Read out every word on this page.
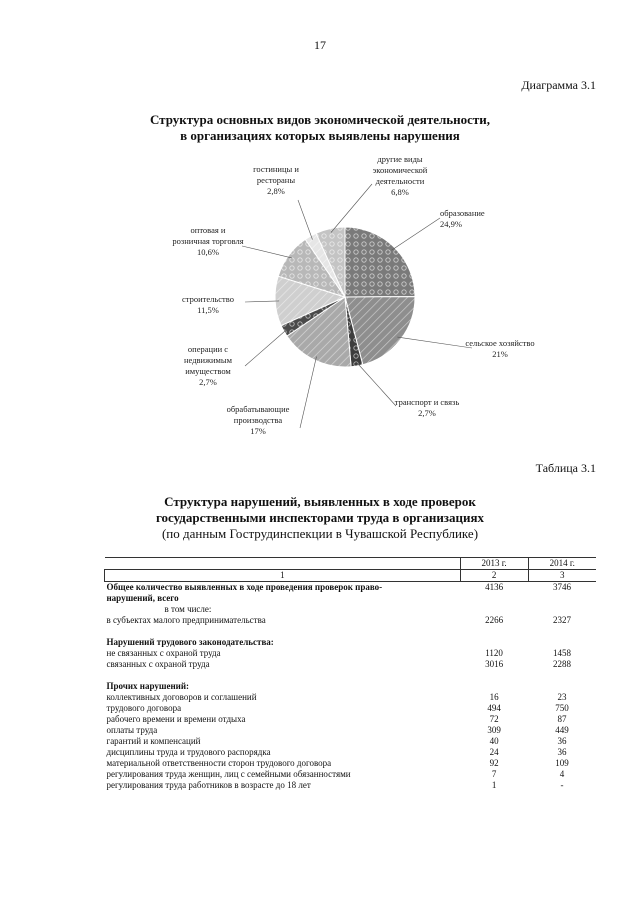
17
Диаграмма 3.1
Структура основных видов экономической деятельности,
в организациях которых выявлены нарушения
образование 24,9%
сельское хозяйство 21%
транспорт и связь 2,7%
обрабатывающие производства 17%
операции с недвижимым имуществом 2,7%
строительство 11,5%
оптовая и розничная торговля 10,6%
гостиницы и рестораны 2,8%
другие виды экономической деятельности 6,8%
Таблица 3.1
Структура нарушений, выявленных в ходе проверок
государственными инспекторами труда в организациях
(по данным Гострудинспекции в Чувашской Республике)
	2013 г.	2014 г.
1	2	3
Общее количество выявленных в ходе проведения проверок право-	4136	3746
нарушений, всего		
в том числе:		
в субъектах малого предпринимательства	2266	2327

Нарушений трудового законодательства:		
не связанных с охраной труда	1120	1458
связанных с охраной труда	3016	2288

Прочих нарушений:		
коллективных договоров и соглашений	16	23
трудового договора	494	750
рабочего времени и времени отдыха	72	87
оплаты труда	309	449
гарантий и компенсаций	40	36
дисциплины труда и трудового распорядка	24	36
материальной ответственности сторон трудового договора	92	109
регулирования труда женщин, лиц с семейными обязанностями	7	4
регулирования труда работников в возрасте до 18 лет	1	-
